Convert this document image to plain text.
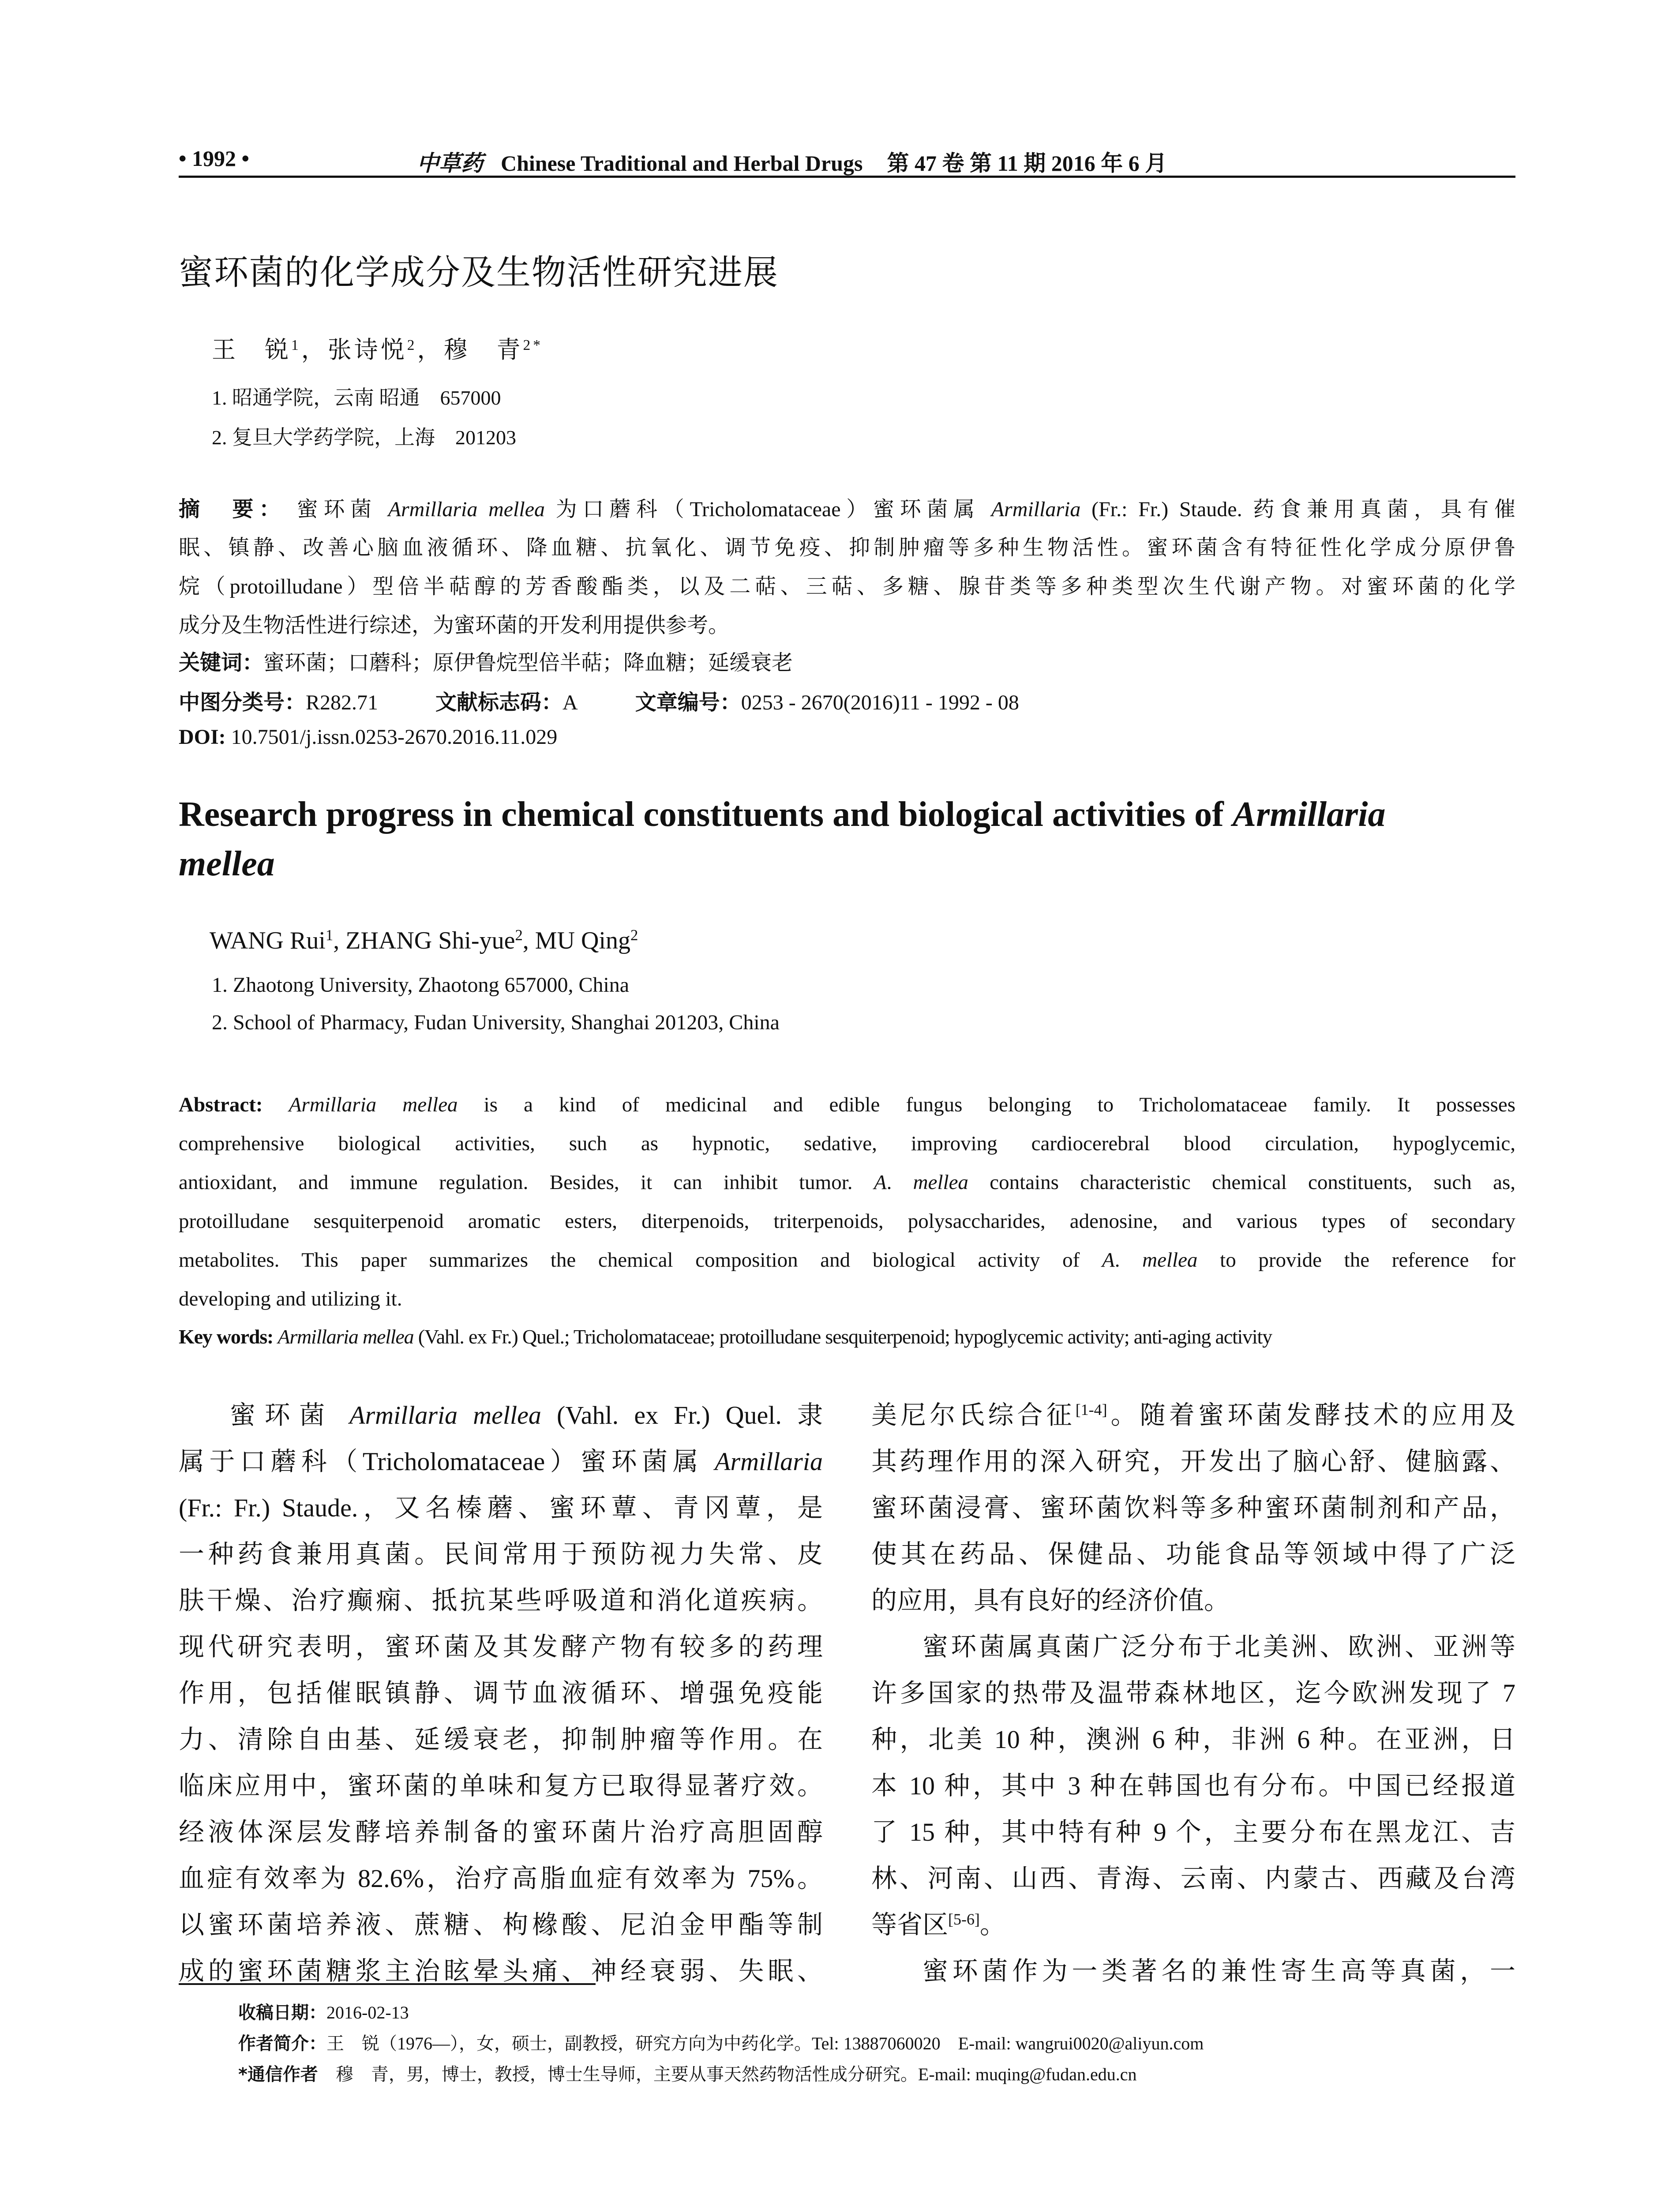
• 1992 •	中草药 Chinese Traditional and Herbal Drugs 第 47 卷 第 11 期 2016 年 6 月
蜜环菌的化学成分及生物活性研究进展
王　锐$^1$，张诗悦$^2$，穆　青$^{2*}$
1. 昭通学院，云南 昭通　657000
2. 复旦大学药学院，上海　201203
摘　要： 蜜环菌 Armillaria mellea 为口蘑科（Tricholomataceae）蜜环菌属 Armillaria (Fr.: Fr.) Staude. 药食兼用真菌，具有催
眠、镇静、改善心脑血液循环、降血糖、抗氧化、调节免疫、抑制肿瘤等多种生物活性。蜜环菌含有特征性化学成分原伊鲁
烷（protoilludane）型倍半萜醇的芳香酸酯类，以及二萜、三萜、多糖、腺苷类等多种类型次生代谢产物。对蜜环菌的化学
成分及生物活性进行综述，为蜜环菌的开发利用提供参考。
关键词：蜜环菌；口蘑科；原伊鲁烷型倍半萜；降血糖；延缓衰老
中图分类号：R282.71	文献标志码：A	文章编号：0253 - 2670(2016)11 - 1992 - 08
DOI: 10.7501/j.issn.0253-2670.2016.11.029
Research progress in chemical constituents and biological activities of Armillaria
mellea
WANG Rui$^1$, ZHANG Shi-yue$^2$, MU Qing$^2$
1. Zhaotong University, Zhaotong 657000, China
2. School of Pharmacy, Fudan University, Shanghai 201203, China
Abstract: Armillaria mellea is a kind of medicinal and edible fungus belonging to Tricholomataceae family. It possesses
comprehensive biological activities, such as hypnotic, sedative, improving cardiocerebral blood circulation, hypoglycemic,
antioxidant, and immune regulation. Besides, it can inhibit tumor. A. mellea contains characteristic chemical constituents, such as,
protoilludane sesquiterpenoid aromatic esters, diterpenoids, triterpenoids, polysaccharides, adenosine, and various types of secondary
metabolites. This paper summarizes the chemical composition and biological activity of A. mellea to provide the reference for
developing and utilizing it.
Key words: Armillaria mellea (Vahl. ex Fr.) Quel.; Tricholomataceae; protoilludane sesquiterpenoid; hypoglycemic activity; anti-aging activity
蜜环菌 Armillaria mellea (Vahl. ex Fr.) Quel. 隶
属于口蘑科（Tricholomataceae）蜜环菌属 Armillaria
(Fr.: Fr.) Staude.，又名榛蘑、蜜环蕈、青冈蕈，是
一种药食兼用真菌。民间常用于预防视力失常、皮
肤干燥、治疗癫痫、抵抗某些呼吸道和消化道疾病。
现代研究表明，蜜环菌及其发酵产物有较多的药理
作用，包括催眠镇静、调节血液循环、增强免疫能
力、清除自由基、延缓衰老，抑制肿瘤等作用。在
临床应用中，蜜环菌的单味和复方已取得显著疗效。
经液体深层发酵培养制备的蜜环菌片治疗高胆固醇
血症有效率为 82.6%，治疗高脂血症有效率为 75%。
以蜜环菌培养液、蔗糖、枸橼酸、尼泊金甲酯等制
成的蜜环菌糖浆主治眩晕头痛、神经衰弱、失眠、
美尼尔氏综合征[1-4]。随着蜜环菌发酵技术的应用及
其药理作用的深入研究，开发出了脑心舒、健脑露、
蜜环菌浸膏、蜜环菌饮料等多种蜜环菌制剂和产品，
使其在药品、保健品、功能食品等领域中得了广泛
的应用，具有良好的经济价值。
蜜环菌属真菌广泛分布于北美洲、欧洲、亚洲等
许多国家的热带及温带森林地区，迄今欧洲发现了 7
种，北美 10 种，澳洲 6 种，非洲 6 种。在亚洲，日
本 10 种，其中 3 种在韩国也有分布。中国已经报道
了 15 种，其中特有种 9 个，主要分布在黑龙江、吉
林、河南、山西、青海、云南、内蒙古、西藏及台湾
等省区[5-6]。
蜜环菌作为一类著名的兼性寄生高等真菌，一
收稿日期：2016-02-13
作者简介：王　锐（1976—），女，硕士，副教授，研究方向为中药化学。Tel: 13887060020　E-mail: wangrui0020@aliyun.com
*通信作者　穆　青，男，博士，教授，博士生导师，主要从事天然药物活性成分研究。E-mail: muqing@fudan.edu.cn
